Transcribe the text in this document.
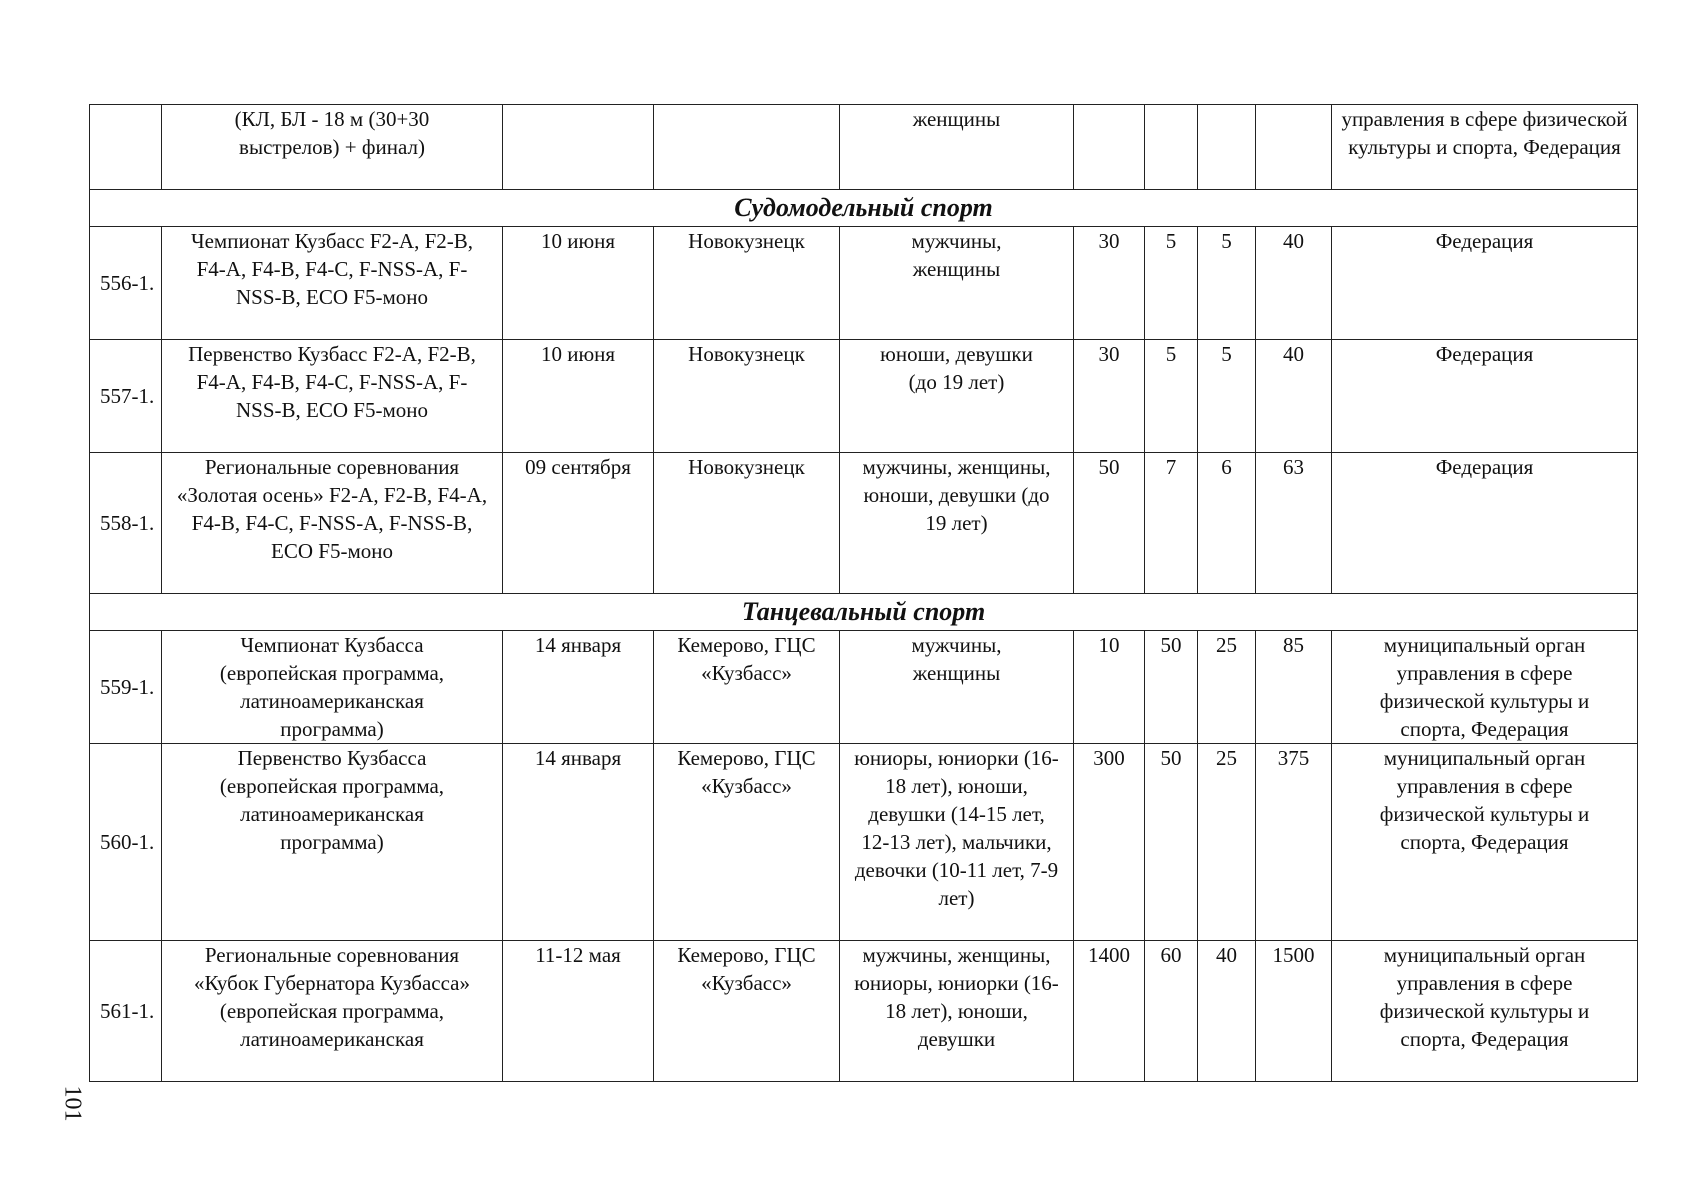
	(КЛ, БЛ - 18 м (30+30 выстрелов) + финал)			женщины					управления в сфере физической культуры и спорта, Федерация
Судомодельный спорт									
556-1.	Чемпионат Кузбасс F2-A, F2-B, F4-A, F4-B, F4-C, F-NSS-A, F-NSS-B, ECO F5-моно	10 июня	Новокузнецк	мужчины, женщины	30	5	5	40	Федерация
557-1.	Первенство Кузбасс F2-A, F2-B, F4-A, F4-B, F4-C, F-NSS-A, F-NSS-B, ECO F5-моно	10 июня	Новокузнецк	юноши, девушки (до 19 лет)	30	5	5	40	Федерация
558-1.	Региональные соревнования «Золотая осень» F2-A, F2-B, F4-A, F4-B, F4-C, F-NSS-A, F-NSS-B, ECO F5-моно	09 сентября	Новокузнецк	мужчины, женщины, юноши, девушки (до 19 лет)	50	7	6	63	Федерация
Танцевальный спорт									
559-1.	Чемпионат Кузбасса (европейская программа, латиноамериканская программа)	14 января	Кемерово, ГЦС «Кузбасс»	мужчины, женщины	10	50	25	85	муниципальный орган управления в сфере физической культуры и спорта, Федерация
560-1.	Первенство Кузбасса (европейская программа, латиноамериканская программа)	14 января	Кемерово, ГЦС «Кузбасс»	юниоры, юниорки (16-18 лет), юноши, девушки (14-15 лет, 12-13 лет), мальчики, девочки (10-11 лет, 7-9 лет)	300	50	25	375	муниципальный орган управления в сфере физической культуры и спорта, Федерация
561-1.	Региональные соревнования «Кубок Губернатора Кузбасса» (европейская программа, латиноамериканская	11-12 мая	Кемерово, ГЦС «Кузбасс»	мужчины, женщины, юниоры, юниорки (16-18 лет), юноши, девушки	1400	60	40	1500	муниципальный орган управления в сфере физической культуры и спорта, Федерация
101
